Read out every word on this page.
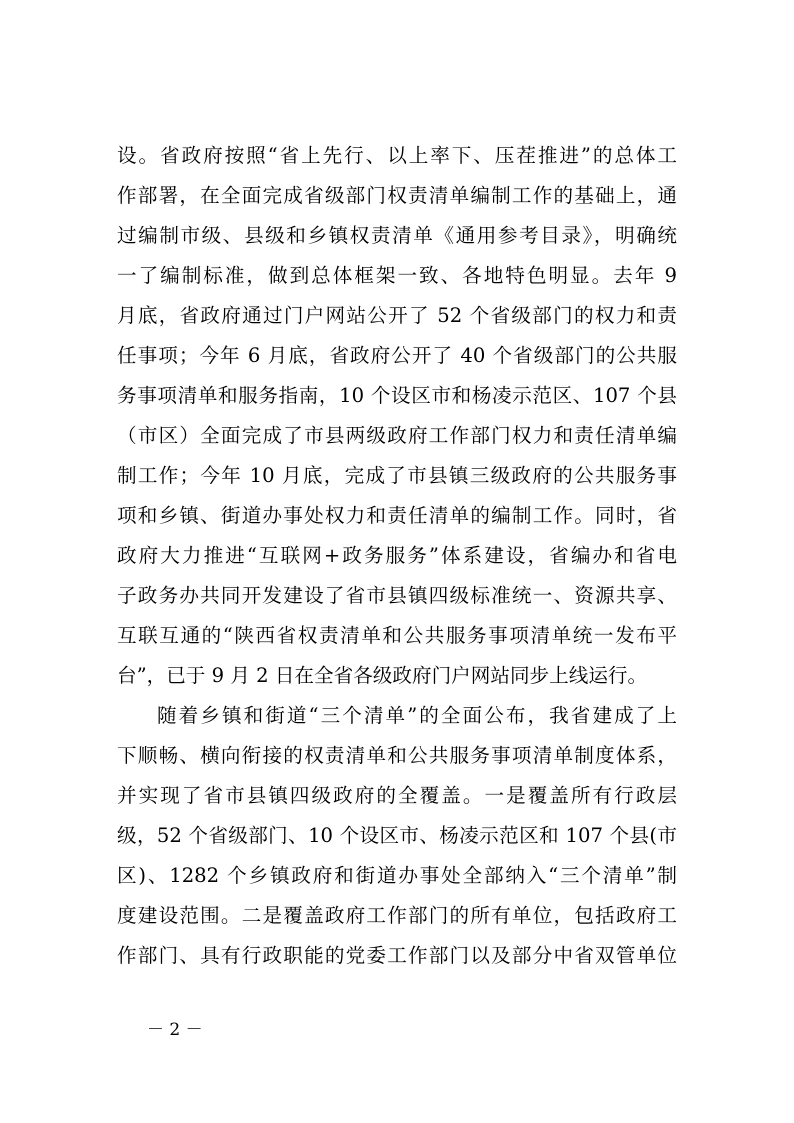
设。省政府按照“省上先行、以上率下、压茬推进”的总体工
作部署，在全面完成省级部门权责清单编制工作的基础上，通
过编制市级、县级和乡镇权责清单《通用参考目录》，明确统
一了编制标准，做到总体框架一致、各地特色明显。去年 9
月底，省政府通过门户网站公开了 52 个省级部门的权力和责
任事项；今年 6 月底，省政府公开了 40 个省级部门的公共服
务事项清单和服务指南，10 个设区市和杨凌示范区、107 个县
（市区）全面完成了市县两级政府工作部门权力和责任清单编
制工作；今年 10 月底，完成了市县镇三级政府的公共服务事
项和乡镇、街道办事处权力和责任清单的编制工作。同时，省
政府大力推进“互联网+政务服务”体系建设，省编办和省电
子政务办共同开发建设了省市县镇四级标准统一、资源共享、
互联互通的“陕西省权责清单和公共服务事项清单统一发布平
台”，已于 9 月 2 日在全省各级政府门户网站同步上线运行。
随着乡镇和街道“三个清单”的全面公布，我省建成了上
下顺畅、横向衔接的权责清单和公共服务事项清单制度体系，
并实现了省市县镇四级政府的全覆盖。一是覆盖所有行政层
级，52 个省级部门、10 个设区市、杨凌示范区和 107 个县(市
区)、1282 个乡镇政府和街道办事处全部纳入“三个清单”制
度建设范围。二是覆盖政府工作部门的所有单位，包括政府工
作部门、具有行政职能的党委工作部门以及部分中省双管单位
－ 2 －
